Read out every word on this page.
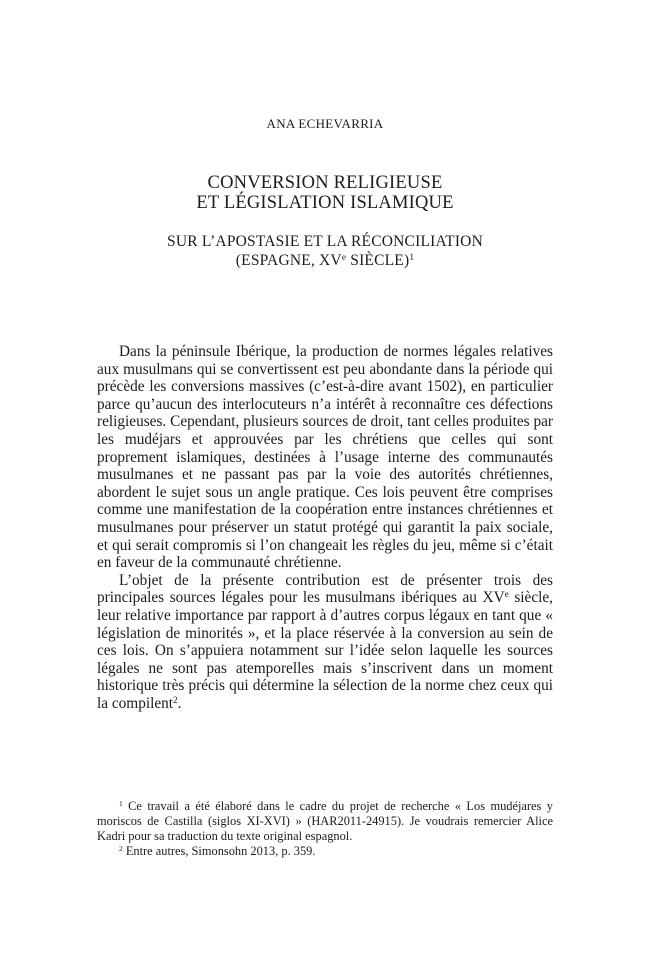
ANA ECHEVARRIA
CONVERSION RELIGIEUSE
ET LÉGISLATION ISLAMIQUE
SUR L’APOSTASIE ET LA RÉCONCILIATION
(ESPAGNE, XVe SIÈCLE)$^1$

Dans la péninsule Ibérique, la production de normes légales relatives aux musulmans qui se convertissent est peu abondante dans la période qui précède les conversions massives (c’est-à-dire avant 1502), en particulier parce qu’aucun des interlocuteurs n’a intérêt à reconnaître ces défections religieuses. Cependant, plusieurs sources de droit, tant celles produites par les mudéjars et approuvées par les chrétiens que celles qui sont proprement islamiques, destinées à l’usage interne des communautés musulmanes et ne passant pas par la voie des autorités chrétiennes, abordent le sujet sous un angle pratique. Ces lois peuvent être comprises comme une manifestation de la coopération entre instances chrétiennes et musulmanes pour préserver un statut protégé qui garantit la paix sociale, et qui serait compromis si l’on changeait les règles du jeu, même si c’était en faveur de la communauté chrétienne.

L’objet de la présente contribution est de présenter trois des principales sources légales pour les musulmans ibériques au XVe siècle, leur relative importance par rapport à d’autres corpus légaux en tant que « législation de minorités », et la place réservée à la conversion au sein de ces lois. On s’appuiera notamment sur l’idée selon laquelle les sources légales ne sont pas atemporelles mais s’inscrivent dans un moment historique très précis qui détermine la sélection de la norme chez ceux qui la compilent$^2$.

$^1$ Ce travail a été élaboré dans le cadre du projet de recherche « Los mudéjares y moriscos de Castilla (siglos XI-XVI) » (HAR2011-24915). Je voudrais remercier Alice Kadri pour sa traduction du texte original espagnol.

$^2$ Entre autres, Simonsohn 2013, p. 359.
